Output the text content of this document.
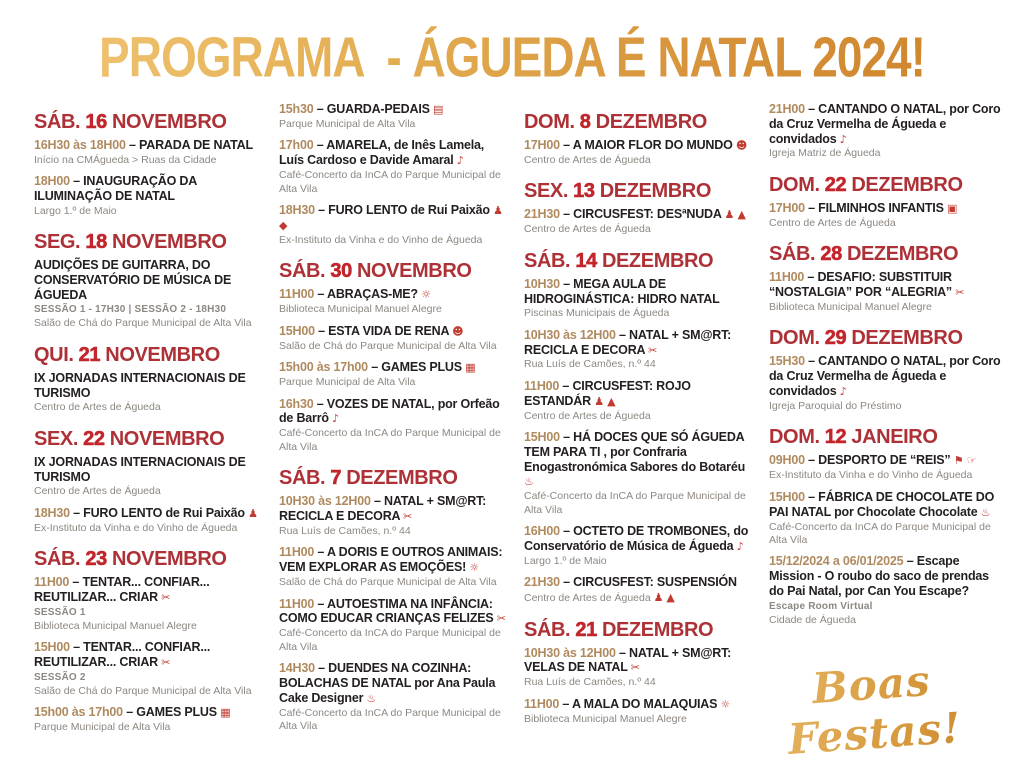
PROGRAMA  - ÁGUEDA É NATAL 2024!
SÁB. 16 NOVEMBRO
16H30 às 18H00 – PARADA DE NATAL
Início na CMÁgueda > Ruas da Cidade
18H00 – INAUGURAÇÃO DA ILUMINAÇÃO DE NATAL
Largo 1.º de Maio
SEG. 18 NOVEMBRO
AUDIÇÕES DE GUITARRA, DO CONSERVATÓRIO DE MÚSICA DE ÁGUEDA
SESSÃO 1 - 17H30 | SESSÃO 2 - 18H30
Salão de Chá do Parque Municipal de Alta Vila
QUI. 21 NOVEMBRO
IX JORNADAS INTERNACIONAIS DE TURISMO
Centro de Artes de Águeda
SEX. 22 NOVEMBRO
IX JORNADAS INTERNACIONAIS DE TURISMO
Centro de Artes de Águeda
18H30 – FURO LENTO de Rui Paixão ♟
Ex-Instituto da Vinha e do Vinho de Águeda
SÁB. 23 NOVEMBRO
11H00 – TENTAR... CONFIAR... REUTILIZAR... CRIAR ✂
SESSÃO 1
Biblioteca Municipal Manuel Alegre
15H00 – TENTAR... CONFIAR... REUTILIZAR... CRIAR ✂
SESSÃO 2
Salão de Chá do Parque Municipal de Alta Vila
15h00 às 17h00 – GAMES PLUS ▦
Parque Municipal de Alta Vila
15h30 – GUARDA-PEDAIS ▤
Parque Municipal de Alta Vila
17h00 – AMARELA, de Inês Lamela, Luís Cardoso e Davide Amaral ♪
Café-Concerto da InCA do Parque Municipal de Alta Vila
18H30 – FURO LENTO de Rui Paixão ♟ ◆
Ex-Instituto da Vinha e do Vinho de Águeda
SÁB. 30 NOVEMBRO
11H00 – ABRAÇAS-ME? ☼
Biblioteca Municipal Manuel Alegre
15H00 – ESTA VIDA DE RENA ☻
Salão de Chá do Parque Municipal de Alta Vila
15h00 às 17h00 – GAMES PLUS ▦
Parque Municipal de Alta Vila
16h30 – VOZES DE NATAL, por Orfeão de Barrô ♪
Café-Concerto da InCA do Parque Municipal de Alta Vila
SÁB. 7 DEZEMBRO
10H30 às 12H00 – NATAL + SM@RT: RECICLA E DECORA ✂
Rua Luís de Camões, n.º 44
11H00 – A DORIS E OUTROS ANIMAIS: VEM EXPLORAR AS EMOÇÕES! ☼
Salão de Chá do Parque Municipal de Alta Vila
11H00 – AUTOESTIMA NA INFÂNCIA: COMO EDUCAR CRIANÇAS FELIZES ✂
Café-Concerto da InCA do Parque Municipal de Alta Vila
14H30 – DUENDES NA COZINHA: BOLACHAS DE NATAL por Ana Paula Cake Designer ♨
Café-Concerto da InCA do Parque Municipal de Alta Vila
DOM. 8 DEZEMBRO
17H00 – A MAIOR FLOR DO MUNDO ☻
Centro de Artes de Águeda
SEX. 13 DEZEMBRO
21H30 – CIRCUSFEST: DESªNUDA ♟ ▲
Centro de Artes de Águeda
SÁB. 14 DEZEMBRO
10H30 – MEGA AULA DE HIDROGINÁSTICA: HIDRO NATAL
Piscinas Municipais de Águeda
10H30 às 12H00 – NATAL + SM@RT: RECICLA E DECORA ✂
Rua Luís de Camões, n.º 44
11H00 – CIRCUSFEST: ROJO ESTANDÁR ♟ ▲
Centro de Artes de Águeda
15H00 – HÁ DOCES QUE SÓ ÁGUEDA TEM PARA TI , por Confraria Enogastronómica Sabores do Botaréu ♨
Café-Concerto da InCA do Parque Municipal de Alta Vila
16H00 – OCTETO DE TROMBONES, do Conservatório de Música de Águeda ♪
Largo 1.º de Maio
21H30 – CIRCUSFEST: SUSPENSIÓN
Centro de Artes de Águeda ♟ ▲
SÁB. 21 DEZEMBRO
10H30 às 12H00 – NATAL + SM@RT: VELAS DE NATAL ✂
Rua Luís de Camões, n.º 44
11H00 – A MALA DO MALAQUIAS ☼
Biblioteca Municipal Manuel Alegre
21H00 – CANTANDO O NATAL, por Coro da Cruz Vermelha de Águeda e convidados ♪
Igreja Matriz de Águeda
DOM. 22 DEZEMBRO
17H00 – FILMINHOS INFANTIS ▣
Centro de Artes de Águeda
SÁB. 28 DEZEMBRO
11H00 – DESAFIO: SUBSTITUIR “NOSTALGIA” POR “ALEGRIA” ✂
Biblioteca Municipal Manuel Alegre
DOM. 29 DEZEMBRO
15H30 – CANTANDO O NATAL, por Coro da Cruz Vermelha de Águeda e convidados ♪
Igreja Paroquial do Préstimo
DOM. 12 JANEIRO
09H00 – DESPORTO DE “REIS” ⚑ ☞
Ex-Instituto da Vinha e do Vinho de Águeda
15H00 – FÁBRICA DE CHOCOLATE DO PAI NATAL por Chocolate Chocolate ♨
Café-Concerto da InCA do Parque Municipal de Alta Vila
15/12/2024 a 06/01/2025 – Escape Mission - O roubo do saco de prendas do Pai Natal, por Can You Escape?
Escape Room Virtual
Cidade de Águeda
Boas Festas!
